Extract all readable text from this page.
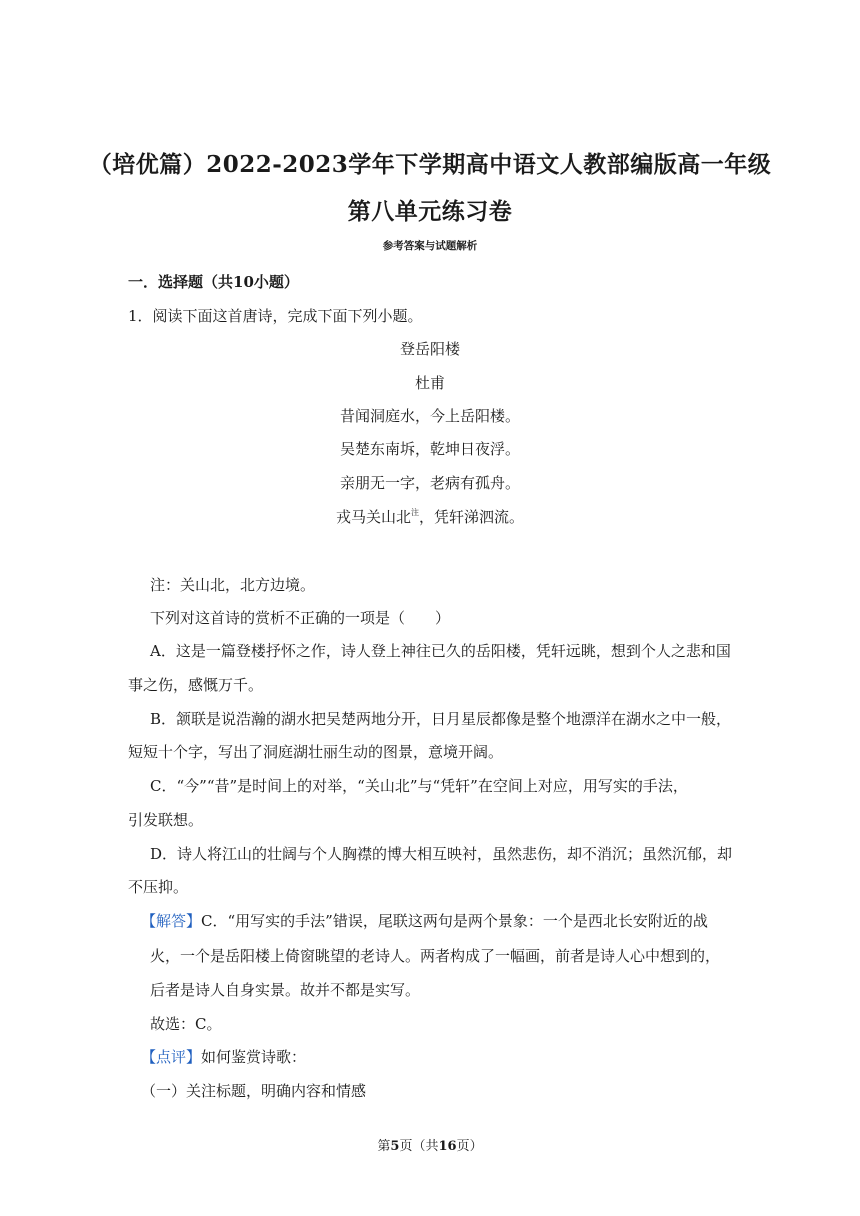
（培优篇）2022-2023学年下学期高中语文人教部编版高一年级
第八单元练习卷
参考答案与试题解析
一．选择题（共10小题）
1．阅读下面这首唐诗，完成下面下列小题。
登岳阳楼
杜甫
昔闻洞庭水，今上岳阳楼。
吴楚东南坼，乾坤日夜浮。
亲朋无一字，老病有孤舟。
戎马关山北$^注$，凭轩涕泗流。
注：关山北，北方边境。
下列对这首诗的赏析不正确的一项是（　　）
A．这是一篇登楼抒怀之作，诗人登上神往已久的岳阳楼，凭轩远眺，想到个人之悲和国
事之伤，感慨万千。
B．颔联是说浩瀚的湖水把吴楚两地分开，日月星辰都像是整个地漂洋在湖水之中一般，
短短十个字，写出了洞庭湖壮丽生动的图景，意境开阔。
C．“今”“昔”是时间上的对举，“关山北”与“凭轩”在空间上对应，用写实的手法，
引发联想。
D．诗人将江山的壮阔与个人胸襟的博大相互映衬，虽然悲伤，却不消沉；虽然沉郁，却
不压抑。
【解答】C．“用写实的手法”错误，尾联这两句是两个景象：一个是西北长安附近的战
火，一个是岳阳楼上倚窗眺望的老诗人。两者构成了一幅画，前者是诗人心中想到的，
后者是诗人自身实景。故并不都是实写。
故选：C。
【点评】如何鉴赏诗歌：
（一）关注标题，明确内容和情感
第5页（共16页）
